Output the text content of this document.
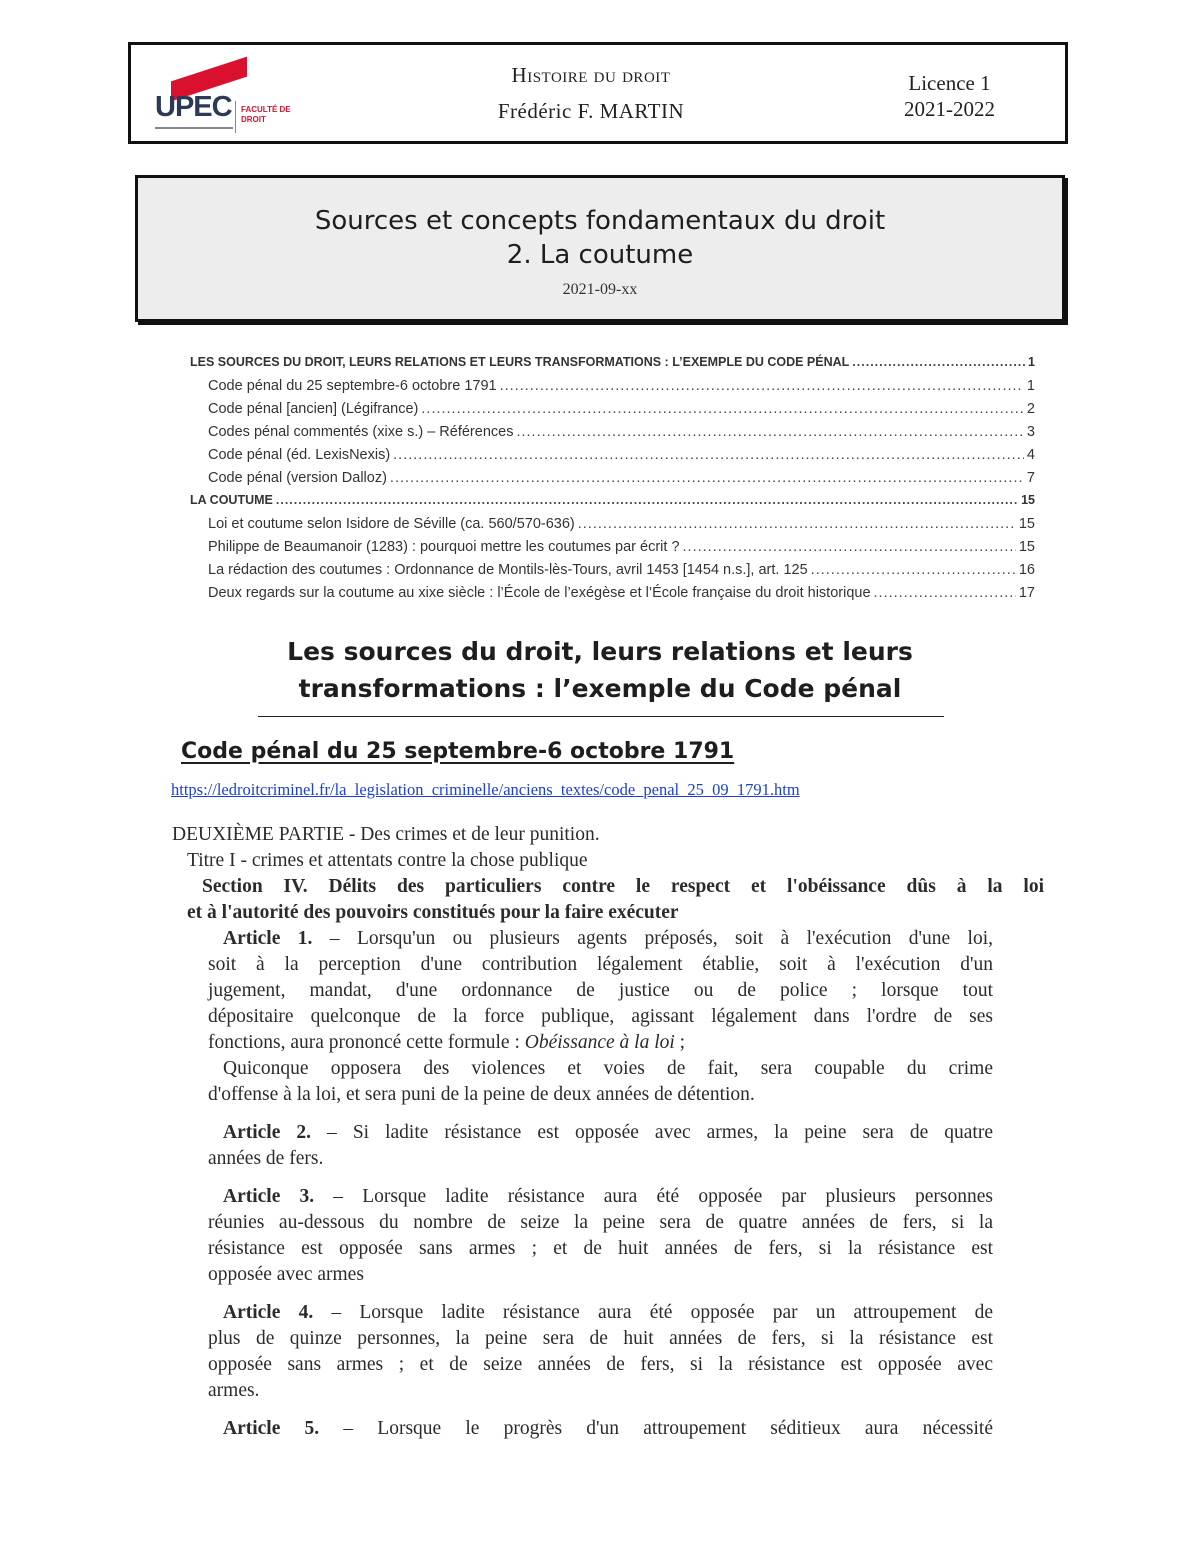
UPEC FACULTÉ DE DROIT
Histoire du droit
Frédéric F. MARTIN
Licence 1
2021-2022
Sources et concepts fondamentaux du droit
2. La coutume
2021-09-xx
LES SOURCES DU DROIT, LEURS RELATIONS ET LEURS TRANSFORMATIONS : L’EXEMPLE DU CODE PÉNAL .....	1
Code pénal du 25 septembre-6 octobre 1791 .....	1
Code pénal [ancien] (Légifrance) .....	2
Codes pénal commentés (xixe s.) – Références .....	3
Code pénal (éd. LexisNexis) .....	4
Code pénal (version Dalloz) .....	7
LA COUTUME .....	15
Loi et coutume selon Isidore de Séville (ca. 560/570-636) .....	15
Philippe de Beaumanoir (1283) : pourquoi mettre les coutumes par écrit ? .....	15
La rédaction des coutumes : Ordonnance de Montils-lès-Tours, avril 1453 [1454 n.s.], art. 125 .....	16
Deux regards sur la coutume au xixe siècle : l’École de l’exégèse et l’École française du droit historique .....	17
Les sources du droit, leurs relations et leurs
transformations : l’exemple du Code pénal
Code pénal du 25 septembre-6 octobre 1791
https://ledroitcriminel.fr/la_legislation_criminelle/anciens_textes/code_penal_25_09_1791.htm
DEUXIÈME PARTIE - Des crimes et de leur punition.
Titre I - crimes et attentats contre la chose publique
Section IV. Délits des particuliers contre le respect et l'obéissance dûs à la loi
et à l'autorité des pouvoirs constitués pour la faire exécuter
Article 1. – Lorsqu'un ou plusieurs agents préposés, soit à l'exécution d'une loi,
soit à la perception d'une contribution légalement établie, soit à l'exécution d'un
jugement, mandat, d'une ordonnance de justice ou de police ; lorsque tout
dépositaire quelconque de la force publique, agissant légalement dans l'ordre de ses
fonctions, aura prononcé cette formule : Obéissance à la loi ;
Quiconque opposera des violences et voies de fait, sera coupable du crime
d'offense à la loi, et sera puni de la peine de deux années de détention.
Article 2. – Si ladite résistance est opposée avec armes, la peine sera de quatre
années de fers.
Article 3. – Lorsque ladite résistance aura été opposée par plusieurs personnes
réunies au-dessous du nombre de seize la peine sera de quatre années de fers, si la
résistance est opposée sans armes ; et de huit années de fers, si la résistance est
opposée avec armes
Article 4. – Lorsque ladite résistance aura été opposée par un attroupement de
plus de quinze personnes, la peine sera de huit années de fers, si la résistance est
opposée sans armes ; et de seize années de fers, si la résistance est opposée avec
armes.
Article 5. – Lorsque le progrès d'un attroupement séditieux aura nécessité
